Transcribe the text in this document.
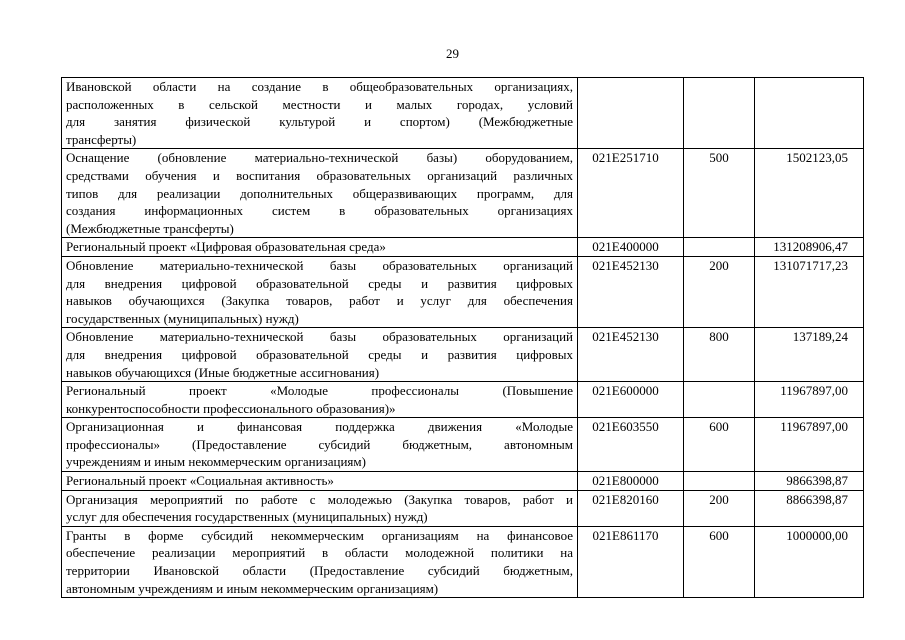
29
Ивановской области на создание в общеобразовательных организациях,
расположенных в сельской местности и малых городах, условий
для занятия физической культурой и спортом) (Межбюджетные
трансферты)			

Оснащение (обновление материально-технической базы) оборудованием,
средствами обучения и воспитания образовательных организаций различных
типов для реализации дополнительных общеразвивающих программ, для
создания информационных систем в образовательных организациях
(Межбюджетные трансферты)	021E251710	500	1502123,05

Региональный проект «Цифровая образовательная среда»	021E400000		131208906,47

Обновление материально-технической базы образовательных организаций
для внедрения цифровой образовательной среды и развития цифровых
навыков обучающихся (Закупка товаров, работ и услуг для обеспечения
государственных (муниципальных) нужд)	021E452130	200	131071717,23

Обновление материально-технической базы образовательных организаций
для внедрения цифровой образовательной среды и развития цифровых
навыков обучающихся (Иные бюджетные ассигнования)	021E452130	800	137189,24

Региональный проект «Молодые профессионалы (Повышение
конкурентоспособности профессионального образования)»	021E600000		11967897,00

Организационная и финансовая поддержка движения «Молодые
профессионалы» (Предоставление субсидий бюджетным, автономным
учреждениям и иным некоммерческим организациям)	021E603550	600	11967897,00

Региональный проект «Социальная активность»	021E800000		9866398,87

Организация мероприятий по работе с молодежью (Закупка товаров, работ и
услуг для обеспечения государственных (муниципальных) нужд)	021E820160	200	8866398,87

Гранты в форме субсидий некоммерческим организациям на финансовое
обеспечение реализации мероприятий в области молодежной политики на
территории Ивановской области (Предоставление субсидий бюджетным,
автономным учреждениям и иным некоммерческим организациям)	021E861170	600	1000000,00
